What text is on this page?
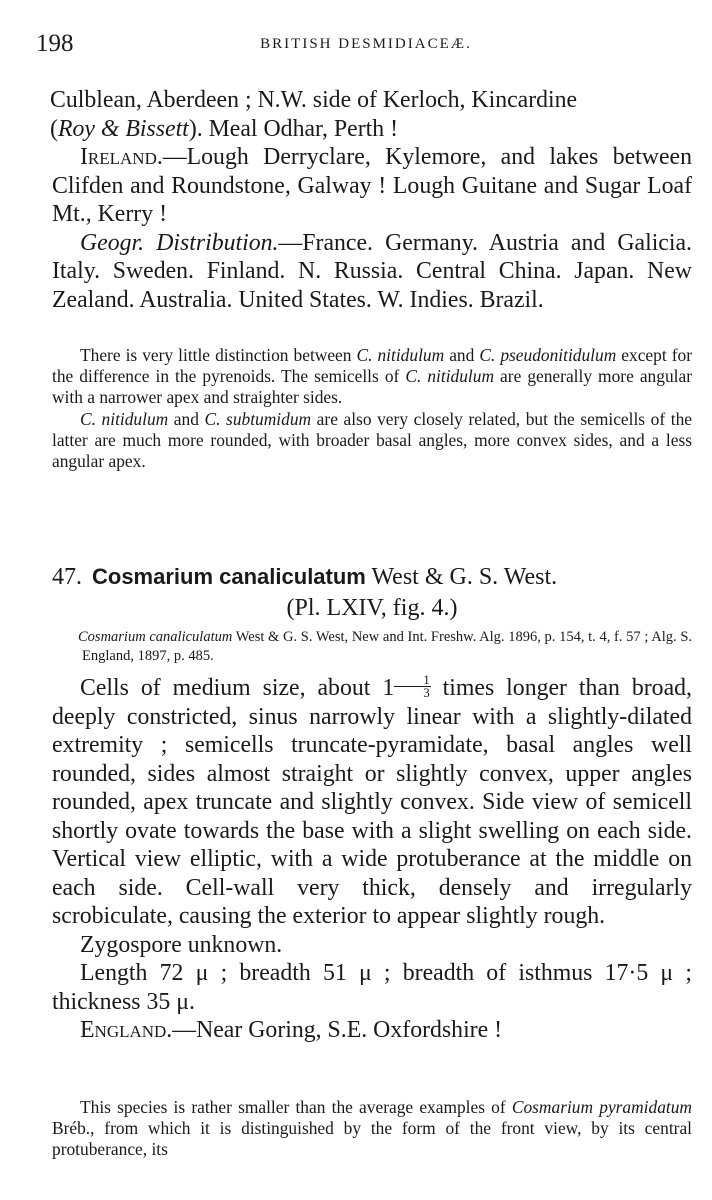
198	BRITISH DESMIDIACEÆ.

Culblean, Aberdeen ; N.W. side of Kerloch, Kincardine
(Roy & Bissett). Meal Odhar, Perth !

Ireland.—Lough Derryclare, Kylemore, and lakes between Clifden and Roundstone, Galway ! Lough Guitane and Sugar Loaf Mt., Kerry !

Geogr. Distribution.—France. Germany. Austria and Galicia. Italy. Sweden. Finland. N. Russia. Central China. Japan. New Zealand. Australia. United States. W. Indies. Brazil.

There is very little distinction between C. nitidulum and C. pseudonitidulum except for the difference in the pyrenoids. The semicells of C. nitidulum are generally more angular with a narrower apex and straighter sides.

C. nitidulum and C. subtumidum are also very closely related, but the semicells of the latter are much more rounded, with broader basal angles, more convex sides, and a less angular apex.

47. Cosmarium canaliculatum West & G. S. West.
(Pl. LXIV, fig. 4.)
Cosmarium canaliculatum West & G. S. West, New and Int. Freshw. Alg. 1896, p. 154, t. 4, f. 57 ; Alg. S. England, 1897, p. 485.

Cells of medium size, about $1 \frac{1}{3}$ times longer than broad, deeply constricted, sinus narrowly linear with a slightly-dilated extremity ; semicells truncate-pyramidate, basal angles well rounded, sides almost straight or slightly convex, upper angles rounded, apex truncate and slightly convex. Side view of semicell shortly ovate towards the base with a slight swelling on each side. Vertical view elliptic, with a wide protuberance at the middle on each side. Cell-wall very thick, densely and irregularly scrobiculate, causing the exterior to appear slightly rough.

Zygospore unknown.

Length 72 μ ; breadth 51 μ ; breadth of isthmus 17·5 μ ; thickness 35 μ.

England.—Near Goring, S.E. Oxfordshire !

This species is rather smaller than the average examples of Cosmarium pyramidatum Bréb., from which it is distinguished by the form of the front view, by its central protuberance, its
